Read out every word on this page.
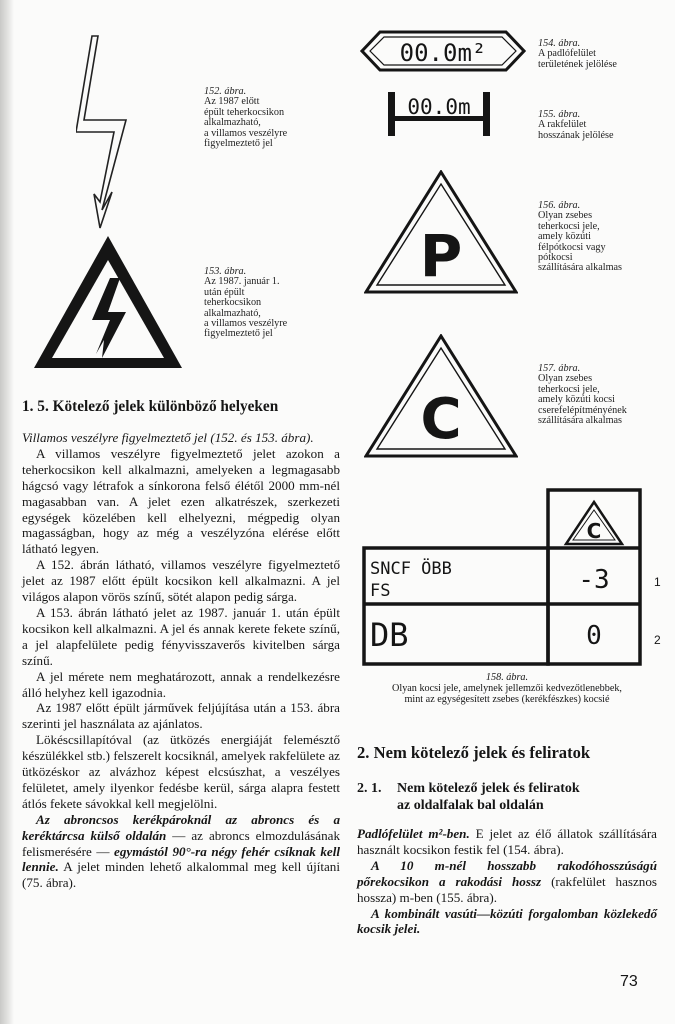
152. ábra.
Az 1987 előtt
épült teherkocsikon
alkalmazható,
a villamos veszélyre
figyelmeztető jel
153. ábra.
Az 1987. január 1.
után épült
teherkocsikon
alkalmazható,
a villamos veszélyre
figyelmeztető jel
00.0m²	154. ábra.
A padlófelület
területének jelölése
00.0m	155. ábra.
A rakfelület
hosszának jelölése
P
156. ábra.
Olyan zsebes
teherkocsi jele,
amely közúti
félpótkocsi vagy
pótkocsi
szállítására alkalmas
C
157. ábra.
Olyan zsebes
teherkocsi jele,
amely közúti kocsi
cserefelépítményének
szállítására alkalmas
C
-3
0
SNCF ÖBB
FS
DB
1
2
158. ábra.
Olyan kocsi jele, amelynek jellemzői kedvezőtlenebbek,
mint az egységesített zsebes (kerékfészkes) kocsié
1. 5. Kötelező jelek különböző helyeken

Villamos veszélyre figyelmeztető jel (152. és 153. ábra).

A villamos veszélyre figyelmeztető jelet azokon a teherkocsikon kell alkalmazni, amelyeken a legmagasabb hágcsó vagy létrafok a sínkorona felső élétől 2000 mm-nél magasabban van. A jelet ezen alkatrészek, szerkezeti egységek közelében kell elhelyezni, mégpedig olyan magasságban, hogy az még a veszélyzóna elérése előtt látható legyen.

A 152. ábrán látható, villamos veszélyre figyelmeztető jelet az 1987 előtt épült kocsikon kell alkalmazni. A jel világos alapon vörös színű, sötét alapon pedig sárga.

A 153. ábrán látható jelet az 1987. január 1. után épült kocsikon kell alkalmazni. A jel és annak kerete fekete színű, a jel alapfelülete pedig fényvisszaverős kivitelben sárga színű.

A jel mérete nem meghatározott, annak a rendelkezésre álló helyhez kell igazodnia.

Az 1987 előtt épült járművek feljújítása után a 153. ábra szerinti jel használata az ajánlatos.

Lökéscsillapítóval (az ütközés energiáját felemésztő készülékkel stb.) felszerelt kocsiknál, amelyek rakfelülete az ütközéskor az alvázhoz képest elcsúszhat, a veszélyes felületet, amely ilyenkor fedésbe kerül, sárga alapra festett átlós fekete sávokkal kell megjelölni.

Az abroncsos kerékpároknál az abroncs és a keréktárcsa külső oldalán — az abroncs elmozdulásának felismerésére — egymástól 90°-ra négy fehér csíknak kell lennie. A jelet minden lehető alkalommal meg kell újítani (75. ábra).

2. Nem kötelező jelek és feliratok
2. 1. Nem kötelező jelek és feliratok
az oldalfalak bal oldalán

Padlófelület m²-ben. E jelet az élő állatok szállítására használt kocsikon festik fel (154. ábra).

A 10 m-nél hosszabb rakodóhosszúságú pőrekocsikon a rakodási hossz (rakfelület hasznos hossza) m-ben (155. ábra).

A kombinált vasúti—közúti forgalomban közlekedő kocsik jelei.

73
